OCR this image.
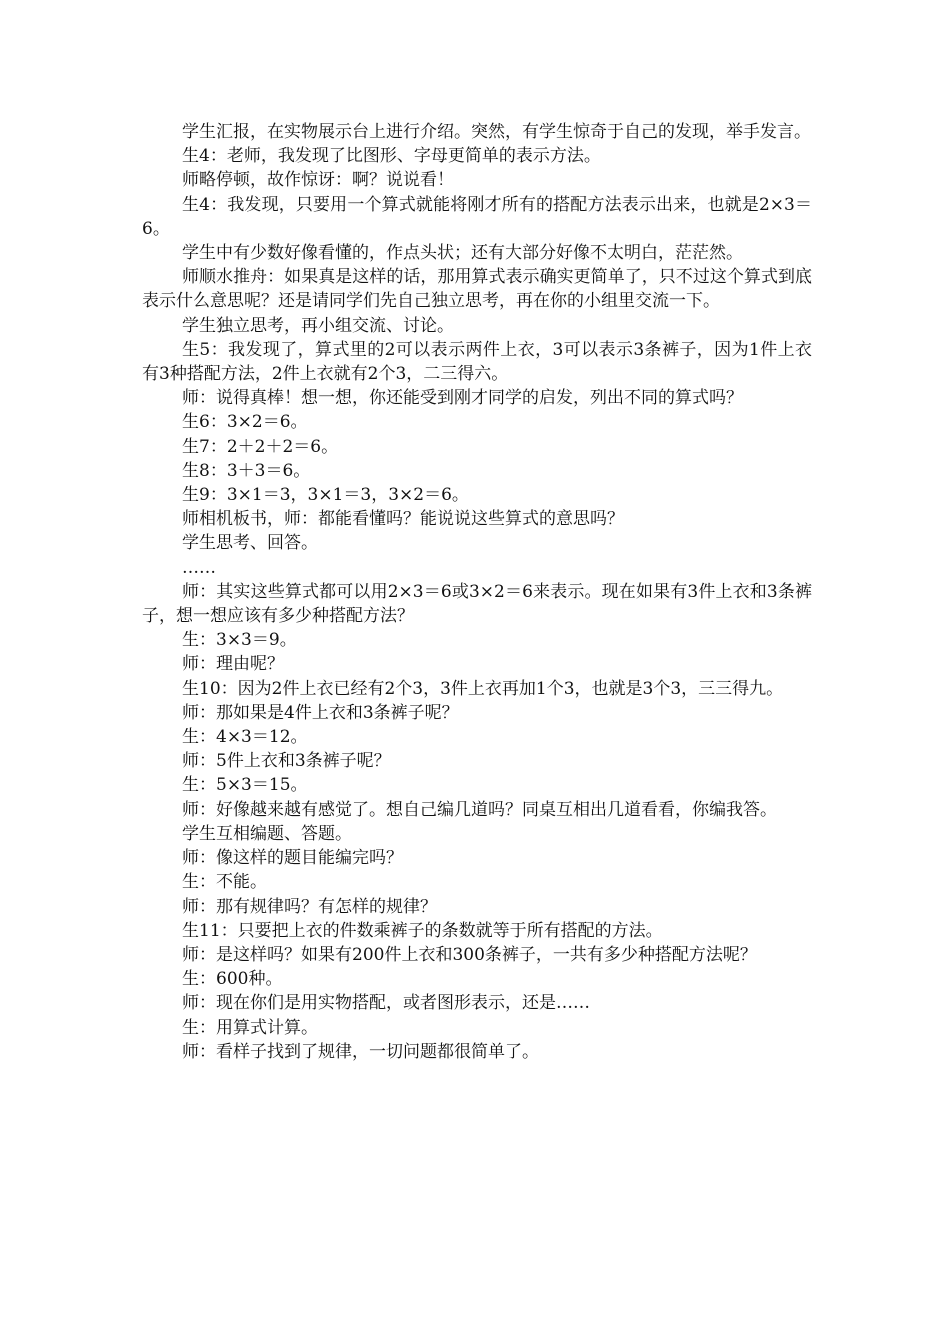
学生汇报，在实物展示台上进行介绍。突然，有学生惊奇于自己的发现，举手发言。

生4：老师，我发现了比图形、字母更简单的表示方法。

师略停顿，故作惊讶：啊？说说看！

生4：我发现，只要用一个算式就能将刚才所有的搭配方法表示出来，也就是2×3＝6。

学生中有少数好像看懂的，作点头状；还有大部分好像不太明白，茫茫然。

师顺水推舟：如果真是这样的话，那用算式表示确实更简单了，只不过这个算式到底表示什么意思呢？还是请同学们先自己独立思考，再在你的小组里交流一下。

学生独立思考，再小组交流、讨论。

生5：我发现了，算式里的2可以表示两件上衣，3可以表示3条裤子，因为1件上衣有3种搭配方法，2件上衣就有2个3，二三得六。

师：说得真棒！想一想，你还能受到刚才同学的启发，列出不同的算式吗？

生6：3×2＝6。

生7：2＋2＋2＝6。

生8：3＋3＝6。

生9：3×1＝3，3×1＝3，3×2＝6。

师相机板书，师：都能看懂吗？能说说这些算式的意思吗？

学生思考、回答。

……

师：其实这些算式都可以用2×3＝6或3×2＝6来表示。现在如果有3件上衣和3条裤子，想一想应该有多少种搭配方法？

生：3×3＝9。

师：理由呢？

生10：因为2件上衣已经有2个3，3件上衣再加1个3，也就是3个3，三三得九。

师：那如果是4件上衣和3条裤子呢？

生：4×3＝12。

师：5件上衣和3条裤子呢？

生：5×3＝15。

师：好像越来越有感觉了。想自己编几道吗？同桌互相出几道看看，你编我答。

学生互相编题、答题。

师：像这样的题目能编完吗？

生：不能。

师：那有规律吗？有怎样的规律？

生11：只要把上衣的件数乘裤子的条数就等于所有搭配的方法。

师：是这样吗？如果有200件上衣和300条裤子，一共有多少种搭配方法呢？

生：600种。

师：现在你们是用实物搭配，或者图形表示，还是……

生：用算式计算。

师：看样子找到了规律，一切问题都很简单了。
